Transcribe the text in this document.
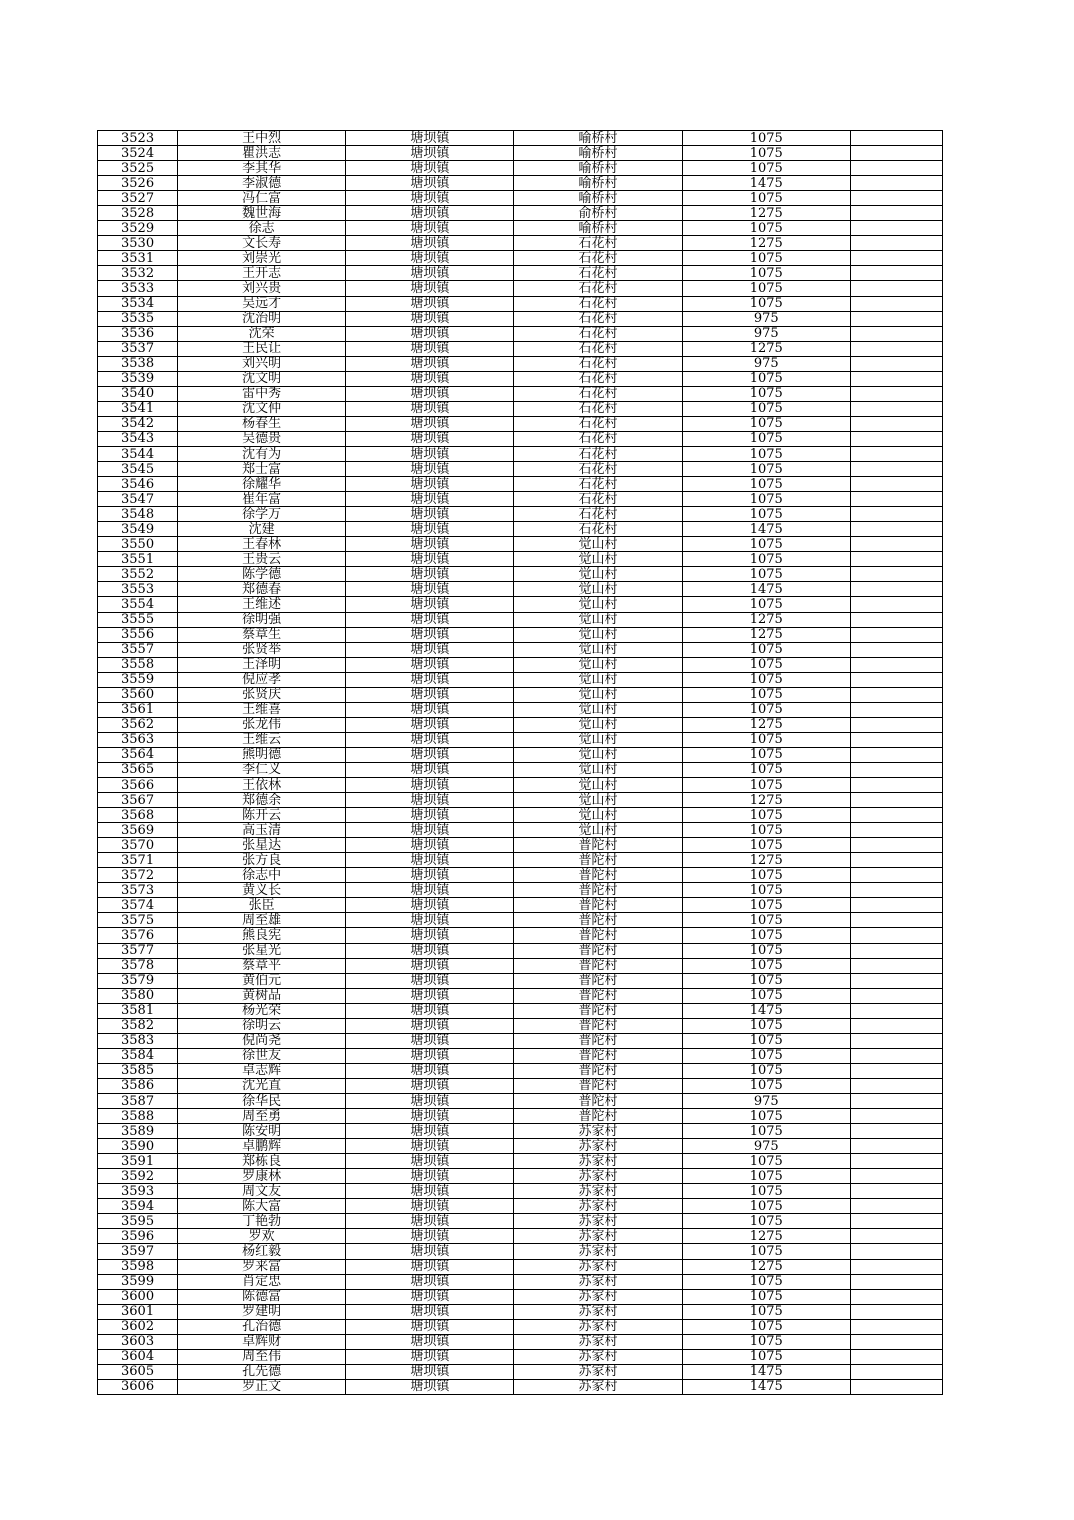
3523	王中烈	塘坝镇	喻桥村	1075	
3524	瞿洪志	塘坝镇	喻桥村	1075	
3525	李其华	塘坝镇	喻桥村	1075	
3526	李淑德	塘坝镇	喻桥村	1475	
3527	冯仁富	塘坝镇	喻桥村	1075	
3528	魏世海	塘坝镇	俞桥村	1275	
3529	徐志	塘坝镇	喻桥村	1075	
3530	文长寿	塘坝镇	石花村	1275	
3531	刘崇光	塘坝镇	石花村	1075	
3532	王开志	塘坝镇	石花村	1075	
3533	刘兴贵	塘坝镇	石花村	1075	
3534	吴远才	塘坝镇	石花村	1075	
3535	沈治明	塘坝镇	石花村	975	
3536	沈荣	塘坝镇	石花村	975	
3537	王民让	塘坝镇	石花村	1275	
3538	刘兴明	塘坝镇	石花村	975	
3539	沈文明	塘坝镇	石花村	1075	
3540	雷中秀	塘坝镇	石花村	1075	
3541	沈文仲	塘坝镇	石花村	1075	
3542	杨春生	塘坝镇	石花村	1075	
3543	吴德贵	塘坝镇	石花村	1075	
3544	沈有为	塘坝镇	石花村	1075	
3545	郑士富	塘坝镇	石花村	1075	
3546	徐耀华	塘坝镇	石花村	1075	
3547	崔年富	塘坝镇	石花村	1075	
3548	徐学万	塘坝镇	石花村	1075	
3549	沈建	塘坝镇	石花村	1475	
3550	王春林	塘坝镇	觉山村	1075	
3551	王贵云	塘坝镇	觉山村	1075	
3552	陈学德	塘坝镇	觉山村	1075	
3553	郑德春	塘坝镇	觉山村	1475	
3554	王维述	塘坝镇	觉山村	1075	
3555	徐明强	塘坝镇	觉山村	1275	
3556	蔡章生	塘坝镇	觉山村	1275	
3557	张贤举	塘坝镇	觉山村	1075	
3558	王泽明	塘坝镇	觉山村	1075	
3559	倪应孝	塘坝镇	觉山村	1075	
3560	张贤庆	塘坝镇	觉山村	1075	
3561	王维喜	塘坝镇	觉山村	1075	
3562	张龙伟	塘坝镇	觉山村	1275	
3563	王维云	塘坝镇	觉山村	1075	
3564	熊明德	塘坝镇	觉山村	1075	
3565	李仁义	塘坝镇	觉山村	1075	
3566	王依林	塘坝镇	觉山村	1075	
3567	郑德余	塘坝镇	觉山村	1275	
3568	陈开云	塘坝镇	觉山村	1075	
3569	高玉清	塘坝镇	觉山村	1075	
3570	张星达	塘坝镇	普陀村	1075	
3571	张方良	塘坝镇	普陀村	1275	
3572	徐志中	塘坝镇	普陀村	1075	
3573	黄义长	塘坝镇	普陀村	1075	
3574	张臣	塘坝镇	普陀村	1075	
3575	周至雄	塘坝镇	普陀村	1075	
3576	熊良宪	塘坝镇	普陀村	1075	
3577	张星光	塘坝镇	普陀村	1075	
3578	蔡章平	塘坝镇	普陀村	1075	
3579	黄伯元	塘坝镇	普陀村	1075	
3580	黄树品	塘坝镇	普陀村	1075	
3581	杨光荣	塘坝镇	普陀村	1475	
3582	徐明云	塘坝镇	普陀村	1075	
3583	倪尚尧	塘坝镇	普陀村	1075	
3584	徐世友	塘坝镇	普陀村	1075	
3585	卓志辉	塘坝镇	普陀村	1075	
3586	沈光直	塘坝镇	普陀村	1075	
3587	徐华民	塘坝镇	普陀村	975	
3588	周至勇	塘坝镇	普陀村	1075	
3589	陈安明	塘坝镇	苏家村	1075	
3590	卓鹏辉	塘坝镇	苏家村	975	
3591	郑栋良	塘坝镇	苏家村	1075	
3592	罗康林	塘坝镇	苏家村	1075	
3593	周文友	塘坝镇	苏家村	1075	
3594	陈大富	塘坝镇	苏家村	1075	
3595	丁艳勃	塘坝镇	苏家村	1075	
3596	罗欢	塘坝镇	苏家村	1275	
3597	杨红毅	塘坝镇	苏家村	1075	
3598	罗来富	塘坝镇	苏家村	1275	
3599	肖定忠	塘坝镇	苏家村	1075	
3600	陈德富	塘坝镇	苏家村	1075	
3601	罗建明	塘坝镇	苏家村	1075	
3602	孔治德	塘坝镇	苏家村	1075	
3603	卓辉财	塘坝镇	苏家村	1075	
3604	周至伟	塘坝镇	苏家村	1075	
3605	孔先德	塘坝镇	苏家村	1475	
3606	罗正文	塘坝镇	苏家村	1475	
